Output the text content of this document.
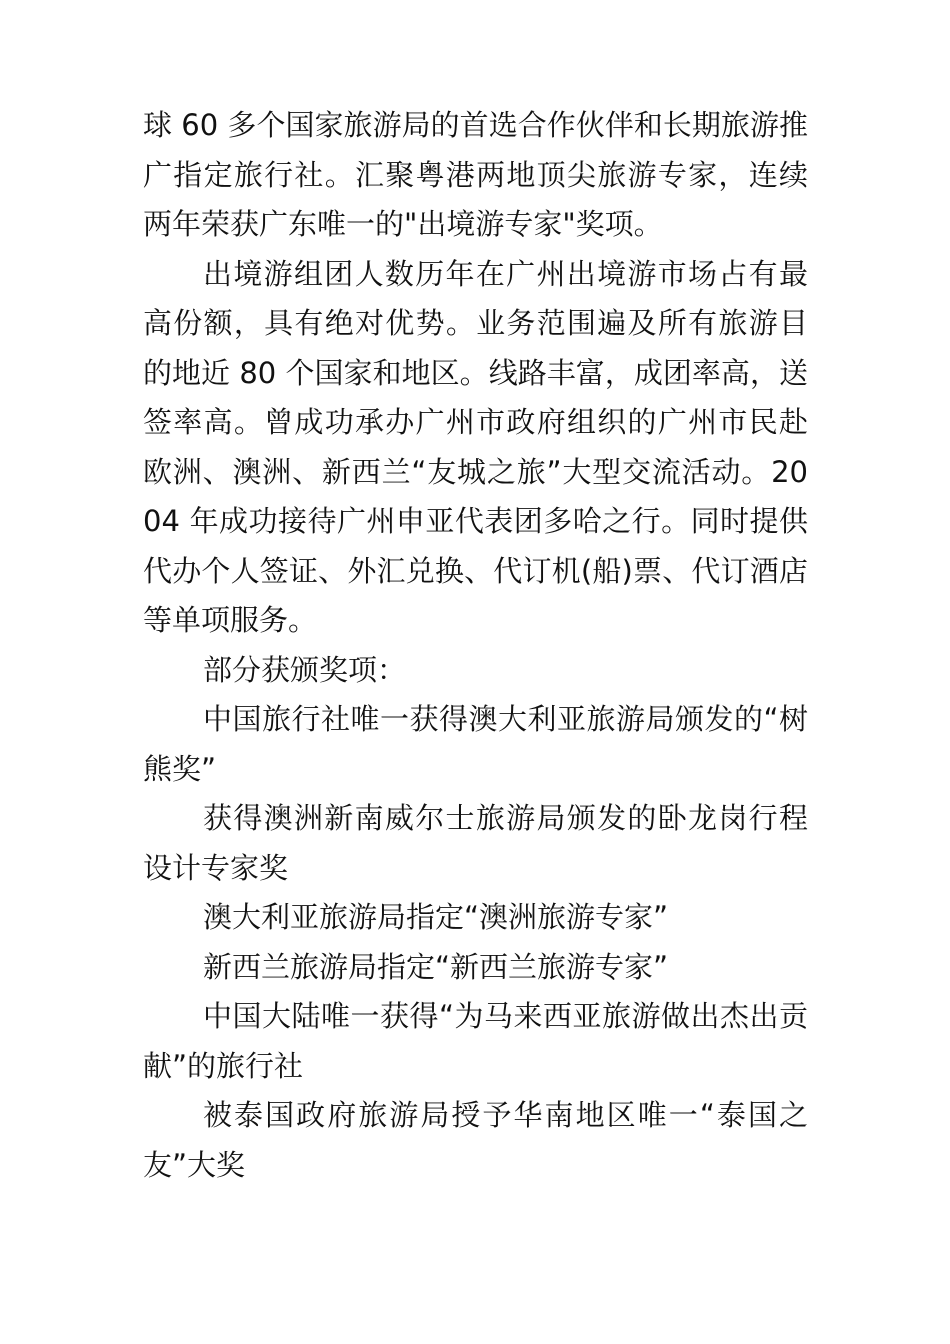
球 60 多个国家旅游局的首选合作伙伴和长期旅游推广指定旅行社。汇聚粤港两地顶尖旅游专家，连续两年荣获广东唯一的"出境游专家"奖项。

出境游组团人数历年在广州出境游市场占有最高份额，具有绝对优势。业务范围遍及所有旅游目的地近 80 个国家和地区。线路丰富，成团率高，送签率高。曾成功承办广州市政府组织的广州市民赴欧洲、澳洲、新西兰“友城之旅”大型交流活动。2004 年成功接待广州申亚代表团多哈之行。同时提供代办个人签证、外汇兑换、代订机(船)票、代订酒店等单项服务。

部分获颁奖项：

中国旅行社唯一获得澳大利亚旅游局颁发的“树熊奖”

获得澳洲新南威尔士旅游局颁发的卧龙岗行程设计专家奖

澳大利亚旅游局指定“澳洲旅游专家”

新西兰旅游局指定“新西兰旅游专家”

中国大陆唯一获得“为马来西亚旅游做出杰出贡献”的旅行社

被泰国政府旅游局授予华南地区唯一“泰国之友”大奖
